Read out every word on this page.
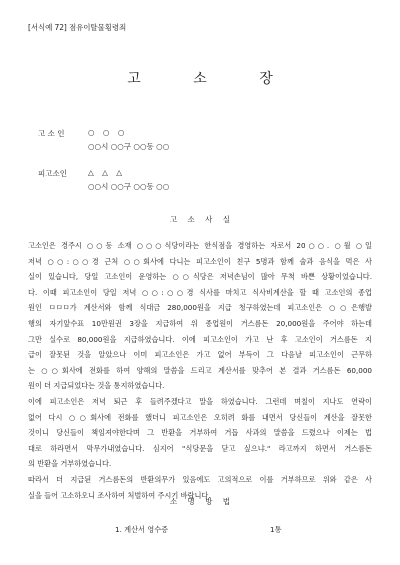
[서식예 72] 점유이탈물횡령죄
고 소 장
고 소 인	○ ○ ○
○○시 ○○구 ○○동 ○○
피고소인	△ △ △
○○시 ○○구 ○○동 ○○
고 소 사 실
고소인은 경주시 ○○동 소재 ○○○식당이라는 한식점을 경영하는 자로서 20○○. ○월 ○일
저녁 ○○:○○경 근처 ○○회사에 다니는 피고소인이 친구 5명과 함께 술과 음식을 먹은 사
실이 있습니다, 당일 고소인이 운영하는 ○○식당은 저녁손님이 많아 무척 바쁜 상황이었습니다.
다. 이때 피고소인이 당일 저녁 ○○:○○경 식사를 마치고 식사비계산을 할 때 고소인의 종업
원인 ㅁㅁㅁ가 계산서와 함께 식대금 280,000원을 지급 청구하였는데 피고소인은 ○○은행발
행의 자기앞수표 10만원권 3장을 지급하여 위 종업원이 거스름돈 20,000원을 주어야 하는데
그만 실수로 80,000원을 지급하였습니다. 이에 피고소인이 가고 난 후 고소인이 거스름돈 지
급이 잘못된 것을 알았으나 이미 피고소인은 가고 없어 부득이 그 다음날 피고소인이 근무하
는 ○○회사에 전화를 하여 양해의 말씀을 드리고 계산서를 맞추어 본 결과 거스름돈 60,000
원이 더 지급되었다는 것을 통지하였습니다.
이에 피고소인은 저녁 퇴근 후 들려주겠다고 말을 하였습니다. 그런데 며칠이 지나도 연락이
없어 다시 ○○회사에 전화를 했더니 피고소인은 오히려 화를 내면서 당신들이 계산을 잘못한
것이니 당신들이 책임져야한다며 그 반환을 거부하여 거듭 사과의 말씀을 드렸으나 이제는 법
대로 하라면서 막무가내였습니다. 심지어 "식당문을 닫고 싶으냐." 라고까지 하면서 거스름돈
의 반환을 거부하였습니다.
따라서 더 지급된 거스름돈의 반환의무가 있음에도 고의적으로 이를 거부하므로 위와 같은 사
실을 들어 고소하오니 조사하여 처벌하여 주시기 바랍니다.
소 명 방 법
1. 계산서 영수증	1통
